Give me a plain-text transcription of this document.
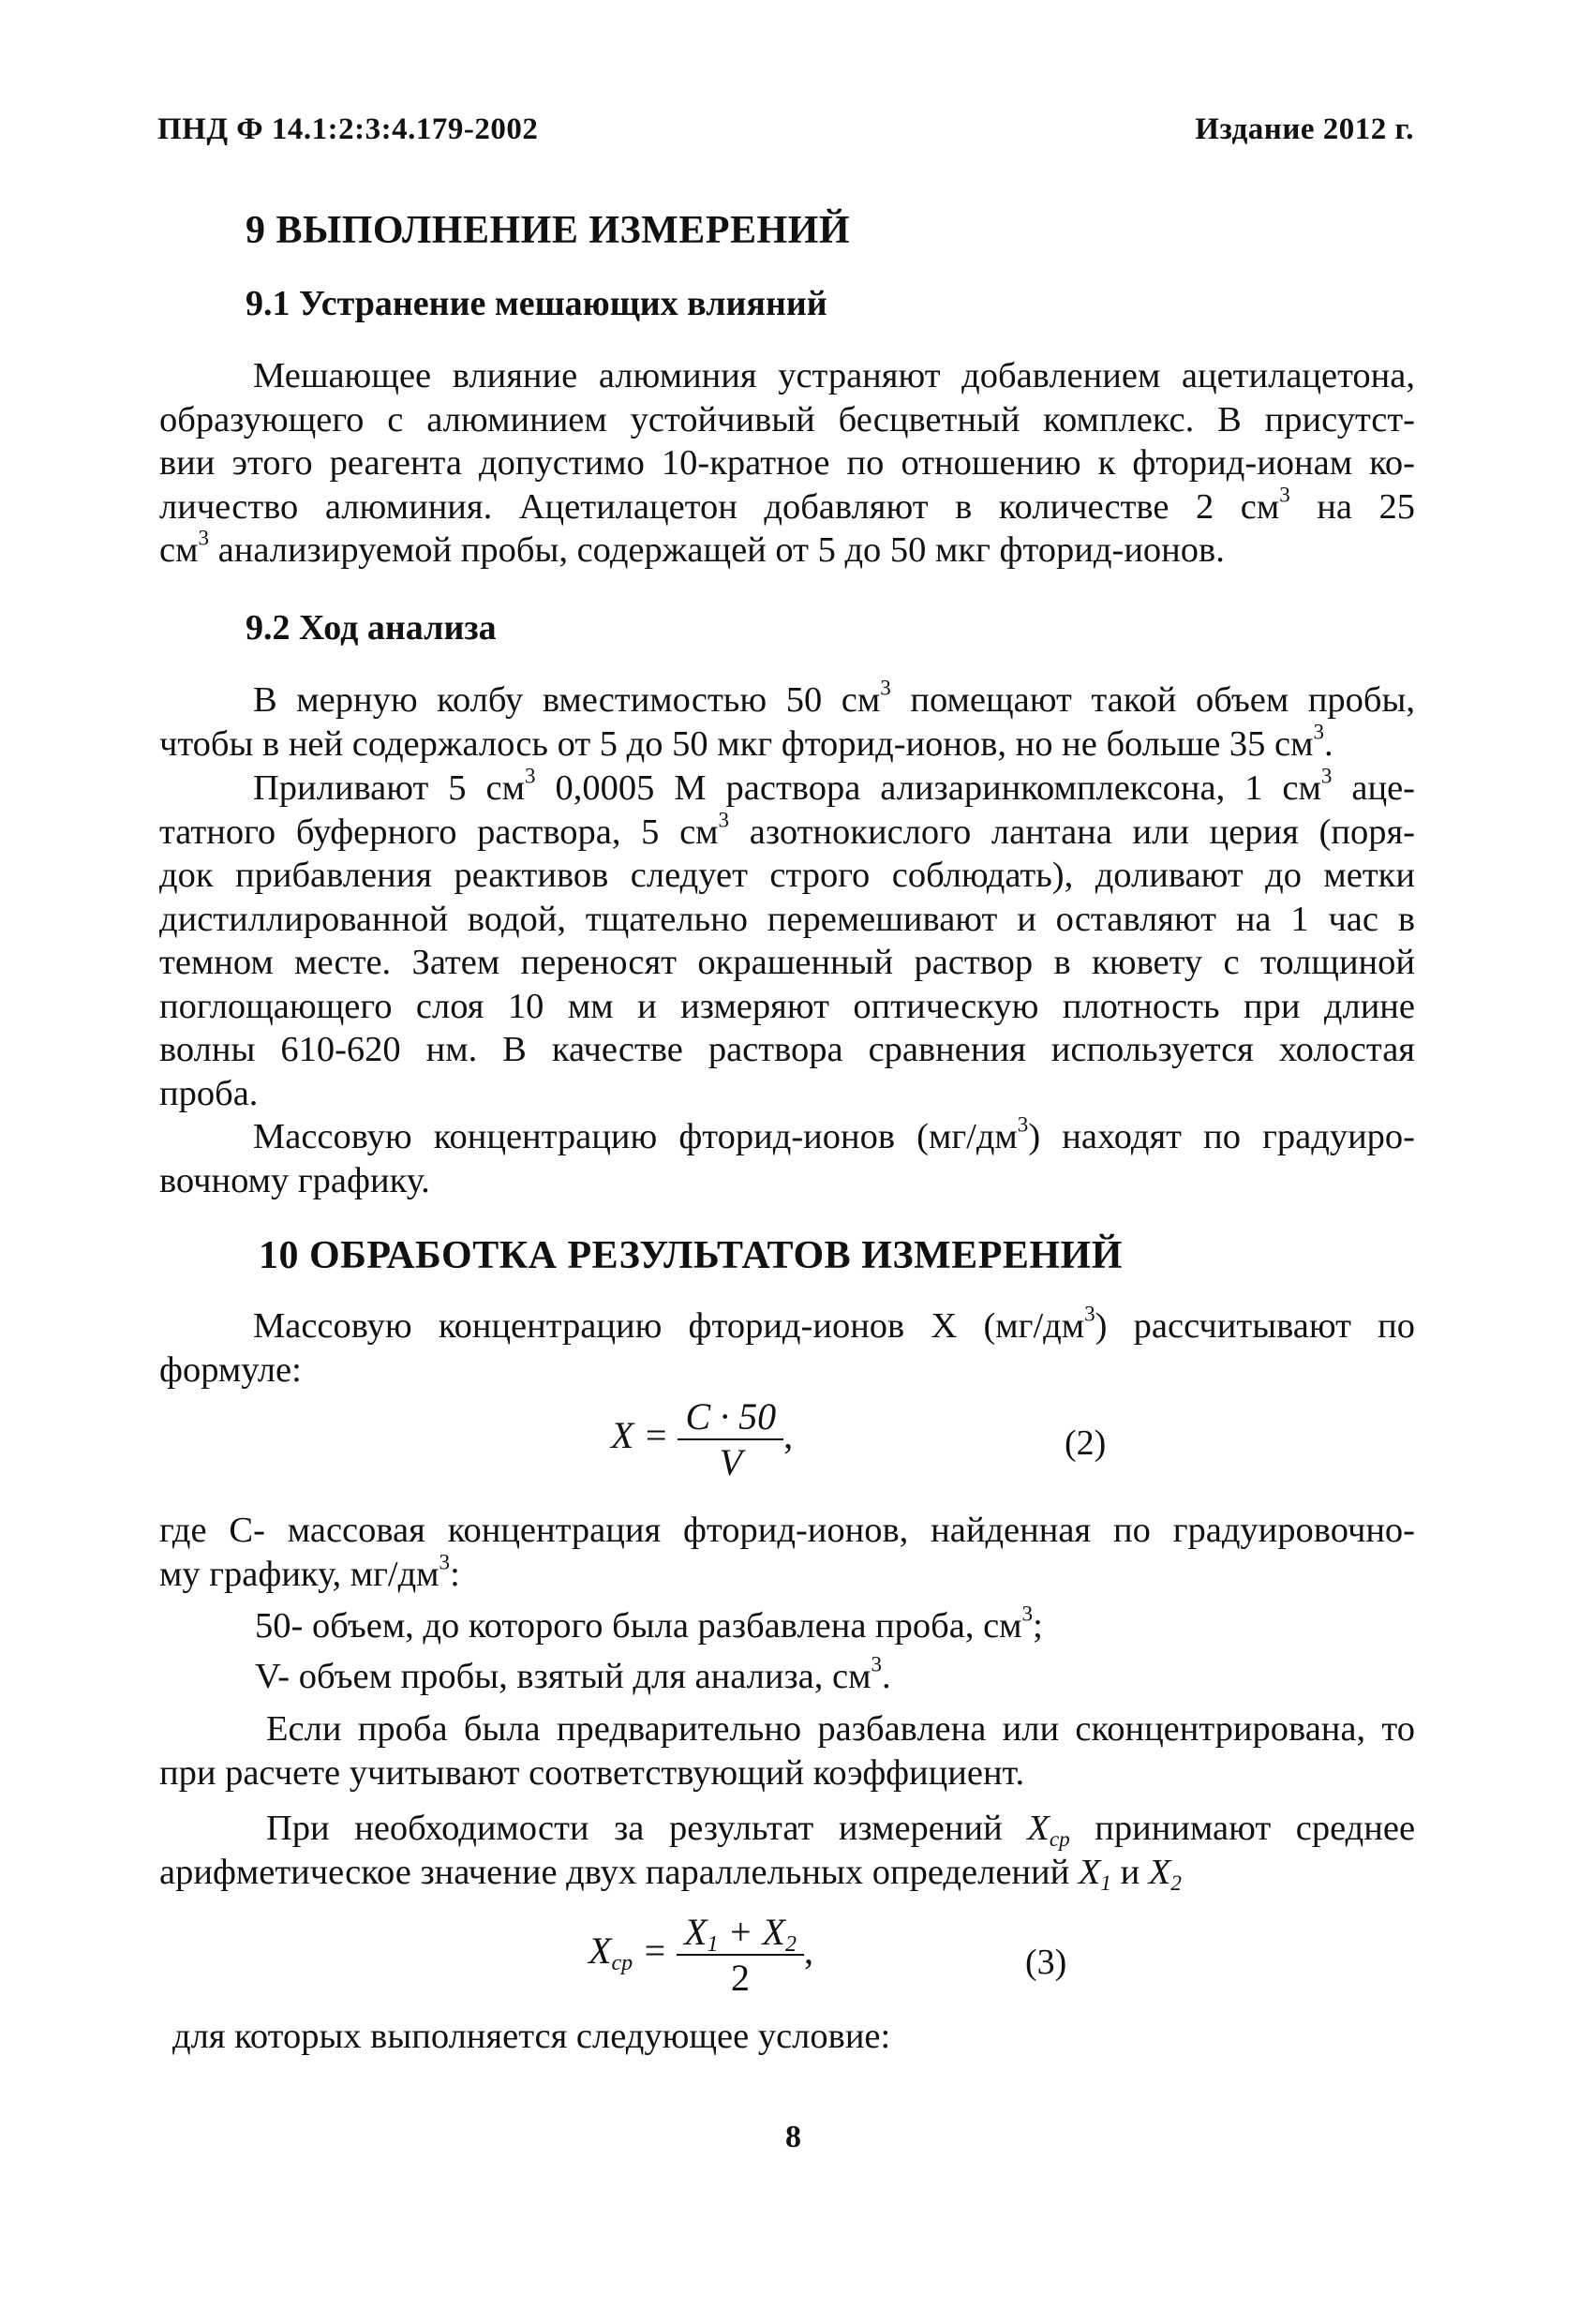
ПНД Ф 14.1:2:3:4.179-2002	Издание 2012 г.
9 ВЫПОЛНЕНИЕ ИЗМЕРЕНИЙ
9.1 Устранение мешающих влияний
Мешающее влияние алюминия устраняют добавлением ацетилацетона,
образующего с алюминием устойчивый бесцветный комплекс. В присутст-
вии этого реагента допустимо 10-кратное по отношению к фторид-ионам ко-
личество алюминия. Ацетилацетон добавляют в количестве 2 $см^3$ на 25
$см^3$ анализируемой пробы, содержащей от 5 до 50 мкг фторид-ионов.
9.2 Ход анализа
В мерную колбу вместимостью 50 $см^3$ помещают такой объем пробы,
чтобы в ней содержалось от 5 до 50 мкг фторид-ионов, но не больше 35 $см^3$.
Приливают 5 $см^3$ 0,0005 М раствора ализаринкомплексона, 1 $см^3$ аце-
татного буферного раствора, 5 $см^3$ азотнокислого лантана или церия (поря-
док прибавления реактивов следует строго соблюдать), доливают до метки
дистиллированной водой, тщательно перемешивают и оставляют на 1 час в
темном месте. Затем переносят окрашенный раствор в кювету с толщиной
поглощающего слоя 10 мм и измеряют оптическую плотность при длине
волны 610-620 нм. В качестве раствора сравнения используется холостая
проба.
Массовую концентрацию фторид-ионов $(мг/дм^3)$ находят по градуиро-
вочному графику.
10 ОБРАБОТКА РЕЗУЛЬТАТОВ ИЗМЕРЕНИЙ
Массовую концентрацию фторид-ионов X $(мг/дм^3)$ рассчитывают по
формуле:
$X = \frac{C \cdot 50}{V}$ ,	(2)
где С- массовая концентрация фторид-ионов, найденная по градуировочно-
му графику, $мг/дм^3$:
50- объем, до которого была разбавлена проба, $см^3$;
V- объем пробы, взятый для анализа, $см^3$.
Если проба была предварительно разбавлена или сконцентрирована, то
при расчете учитывают соответствующий коэффициент.
При необходимости за результат измерений $X_{ср}$ принимают среднее
арифметическое значение двух параллельных определений $X_1$ и $X_2$
$X_{ср} = \frac{X_1 + X_2}{2}$ ,	(3)
для которых выполняется следующее условие:
8
